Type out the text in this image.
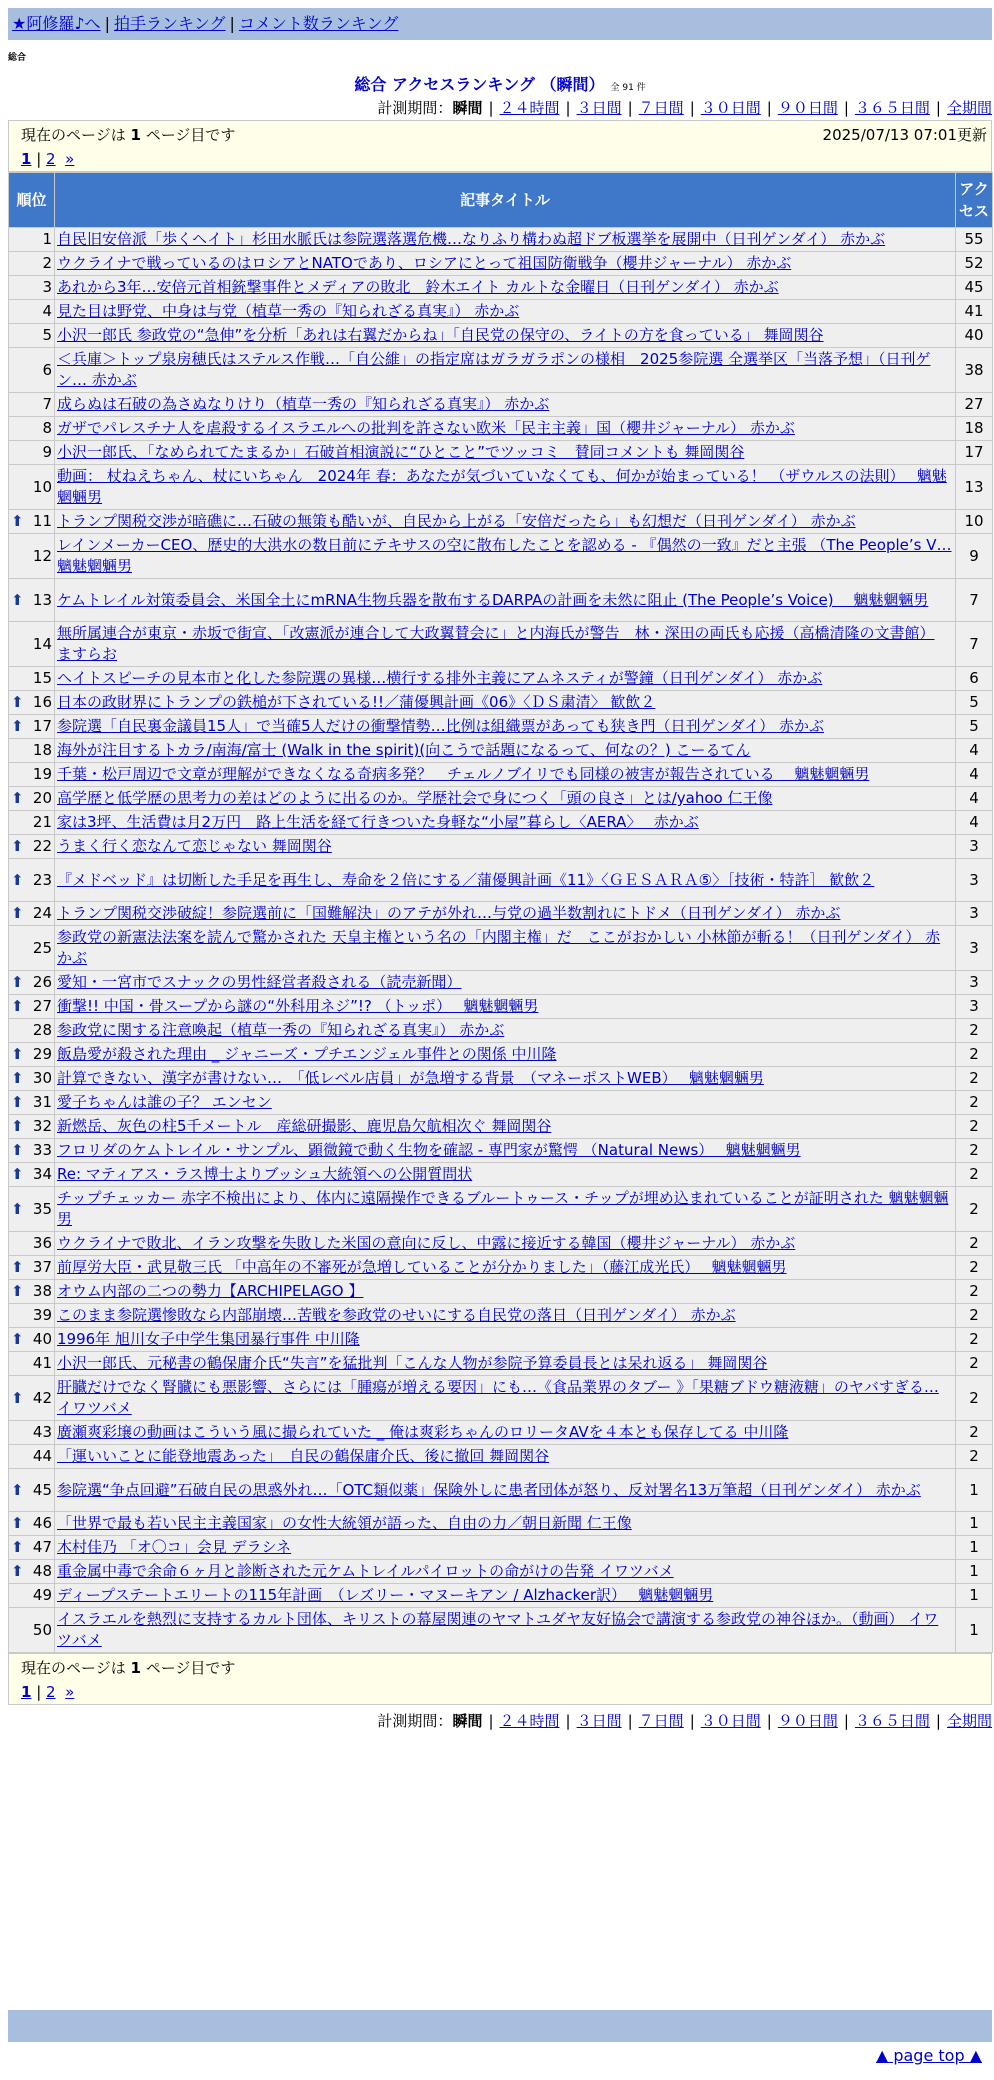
★阿修羅♪へ | 拍手ランキング | コメント数ランキング
総合
総合 アクセスランキング （瞬間） 全 91 件
計測期間：瞬間 | ２４時間 | ３日間 | ７日間 | ３０日間 | ９０日間 | ３６５日間 | 全期間
現在のページは 1 ページ目です	2025/07/13 07:01更新
1 | 2 »
順位	記事タイトル	アクセス
1	自民旧安倍派「歩くヘイト」杉田水脈氏は参院選落選危機…なりふり構わぬ超ドブ板選挙を展開中（日刊ゲンダイ） 赤かぶ	55
2	ウクライナで戦っているのはロシアとNATOであり、ロシアにとって祖国防衛戦争（櫻井ジャーナル） 赤かぶ	52
3	あれから3年…安倍元首相銃撃事件とメディアの敗北　鈴木エイト カルトな金曜日（日刊ゲンダイ） 赤かぶ	45
4	見た目は野党、中身は与党（植草一秀の『知られざる真実』） 赤かぶ	41
5	小沢一郎氏 参政党の“急伸”を分析「あれは右翼だからね」「自民党の保守の、ライトの方を食っている」 舞岡関谷	40
6	＜兵庫＞トップ泉房穂氏はステルス作戦…「自公維」の指定席はガラガラポンの様相　2025参院選 全選挙区「当落予想」（日刊ゲン… 赤かぶ	38
7	成らぬは石破の為さぬなりけり（植草一秀の『知られざる真実』） 赤かぶ	27
8	ガザでパレスチナ人を虐殺するイスラエルへの批判を許さない欧米「民主主義」国（櫻井ジャーナル） 赤かぶ	18
9	小沢一郎氏、「なめられてたまるか」石破首相演説に“ひとこと”でツッコミ　賛同コメントも 舞岡関谷	17
10	動画： 杖ねえちゃん、杖にいちゃん　2024年 春：あなたが気づいていなくても、何かが始まっている！ （ザウルスの法則）　 魑魅魍魎男	13

⬆ 11	トランプ関税交渉が暗礁に…石破の無策も酷いが、自民から上がる「安倍だったら」も幻想だ（日刊ゲンダイ） 赤かぶ	10
12	レインメーカーCEO、歴史的大洪水の数日前にテキサスの空に散布したことを認める - 『偶然の一致』だと主張 （The People’s V… 魑魅魍魎男	9

⬆ 13	ケムトレイル対策委員会、米国全土にmRNA生物兵器を散布するDARPAの計画を未然に阻止 (The People’s Voice)　 魑魅魍魎男	7
14	無所属連合が東京・赤坂で街宣、「改憲派が連合して大政翼賛会に」と内海氏が警告　林・深田の両氏も応援（高橋清隆の文書館） ますらお	7
15	ヘイトスピーチの見本市と化した参院選の異様…横行する排外主義にアムネスティが警鐘（日刊ゲンダイ） 赤かぶ	6

⬆ 16	日本の政財界にトランプの鉄槌が下されている!!／蒲優興計画《06》〈ＤＳ粛清〉 歓飲２	5

⬆ 17	参院選「自民裏金議員15人」で当確5人だけの衝撃情勢…比例は組織票があっても狭き門（日刊ゲンダイ） 赤かぶ	5
18	海外が注目するトカラ/南海/富士 (Walk in the spirit)(向こうで話題になるって、何なの？) こーるてん	4
19	千葉・松戸周辺で文章が理解ができなくなる奇病多発？　チェルノブイリでも同様の被害が報告されている　 魑魅魍魎男	4

⬆ 20	高学歴と低学歴の思考力の差はどのように出るのか。学歴社会で身につく「頭の良さ」とは/yahoo 仁王像	4
21	家は3坪、生活費は月2万円　路上生活を経て行きついた身軽な“小屋”暮らし〈AERA〉　 赤かぶ	4

⬆ 22	うまく行く恋なんて恋じゃない 舞岡関谷	3

⬆ 23	『メドベッド』は切断した手足を再生し、寿命を２倍にする／蒲優興計画《11》〈ＧＥＳＡＲＡ⑤〉［技術・特許］ 歓飲２	3

⬆ 24	トランプ関税交渉破綻！参院選前に「国難解決」のアテが外れ…与党の過半数割れにトドメ（日刊ゲンダイ） 赤かぶ	3
25	参政党の新憲法法案を読んで驚かされた 天皇主権という名の「内閣主権」だ　ここがおかしい 小林節が斬る！（日刊ゲンダイ） 赤かぶ	3

⬆ 26	愛知・一宮市でスナックの男性経営者殺される（読売新聞）	3

⬆ 27	衝撃!! 中国・骨スープから謎の“外科用ネジ”!? （トッポ）　 魑魅魍魎男	3
28	参政党に関する注意喚起（植草一秀の『知られざる真実』） 赤かぶ	2

⬆ 29	飯島愛が殺された理由 _ ジャニーズ・プチエンジェル事件との関係 中川隆	2

⬆ 30	計算できない、漢字が書けない…　「低レベル店員」が急増する背景　（マネーポストWEB）　 魑魅魍魎男	2

⬆ 31	愛子ちゃんは誰の子？ エンセン	2

⬆ 32	新燃岳、灰色の柱5千メートル　産総研撮影、鹿児島欠航相次ぐ 舞岡関谷	2

⬆ 33	フロリダのケムトレイル・サンプル、顕微鏡で動く生物を確認 - 専門家が驚愕 （Natural News）　 魑魅魍魎男	2

⬆ 34	Re: マティアス・ラス博士よりブッシュ大統領への公開質問状	2

⬆ 35	チップチェッカー 赤字不検出により、体内に遠隔操作できるブルートゥース・チップが埋め込まれていることが証明された 魑魅魍魎男	2
36	ウクライナで敗北、イラン攻撃を失敗した米国の意向に反し、中露に接近する韓国（櫻井ジャーナル） 赤かぶ	2

⬆ 37	前厚労大臣・武見敬三氏 「中高年の不審死が急増していることが分かりました」（藤江成光氏）　 魑魅魍魎男	2

⬆ 38	オウム内部の二つの勢力【ARCHIPELAGO 】	2
39	このまま参院選惨敗なら内部崩壊…苦戦を参政党のせいにする自民党の落日（日刊ゲンダイ） 赤かぶ	2

⬆ 40	1996年 旭川女子中学生集団暴行事件 中川隆	2
41	小沢一郎氏、元秘書の鶴保庸介氏“失言”を猛批判「こんな人物が参院予算委員長とは呆れ返る」 舞岡関谷	2

⬆ 42	肝臓だけでなく腎臓にも悪影響、さらには「腫瘍が増える要因」にも…《食品業界のタブー 》「果糖ブドウ糖液糖」のヤバすぎる… イワツバメ	2
43	廣瀬爽彩壌の動画はこういう風に撮られていた _ 俺は爽彩ちゃんのロリータAVを４本とも保存してる 中川隆	2
44	「運いいことに能登地震あった」　自民の鶴保庸介氏、後に撤回 舞岡関谷	2

⬆ 45	参院選“争点回避”石破自民の思惑外れ…「OTC類似薬」保険外しに患者団体が怒り、反対署名13万筆超（日刊ゲンダイ） 赤かぶ	1

⬆ 46	「世界で最も若い民主主義国家」の女性大統領が語った、自由の力／朝日新聞 仁王像	1

⬆ 47	木村佳乃 「オ〇コ」会見 デラシネ	1

⬆ 48	重金属中毒で余命６ヶ月と診断された元ケムトレイルパイロットの命がけの告発 イワツバメ	1
49	ディープステートエリートの115年計画　（レズリー・マヌーキアン / Alzhacker訳）　 魑魅魍魎男	1
50	イスラエルを熱烈に支持するカルト団体、キリストの幕屋関連のヤマトユダヤ友好協会で講演する参政党の神谷ほか。（動画） イワツバメ	1
現在のページは 1 ページ目です
1 | 2 »
計測期間：瞬間 | ２４時間 | ３日間 | ７日間 | ３０日間 | ９０日間 | ３６５日間 | 全期間
▲ page top ▲
